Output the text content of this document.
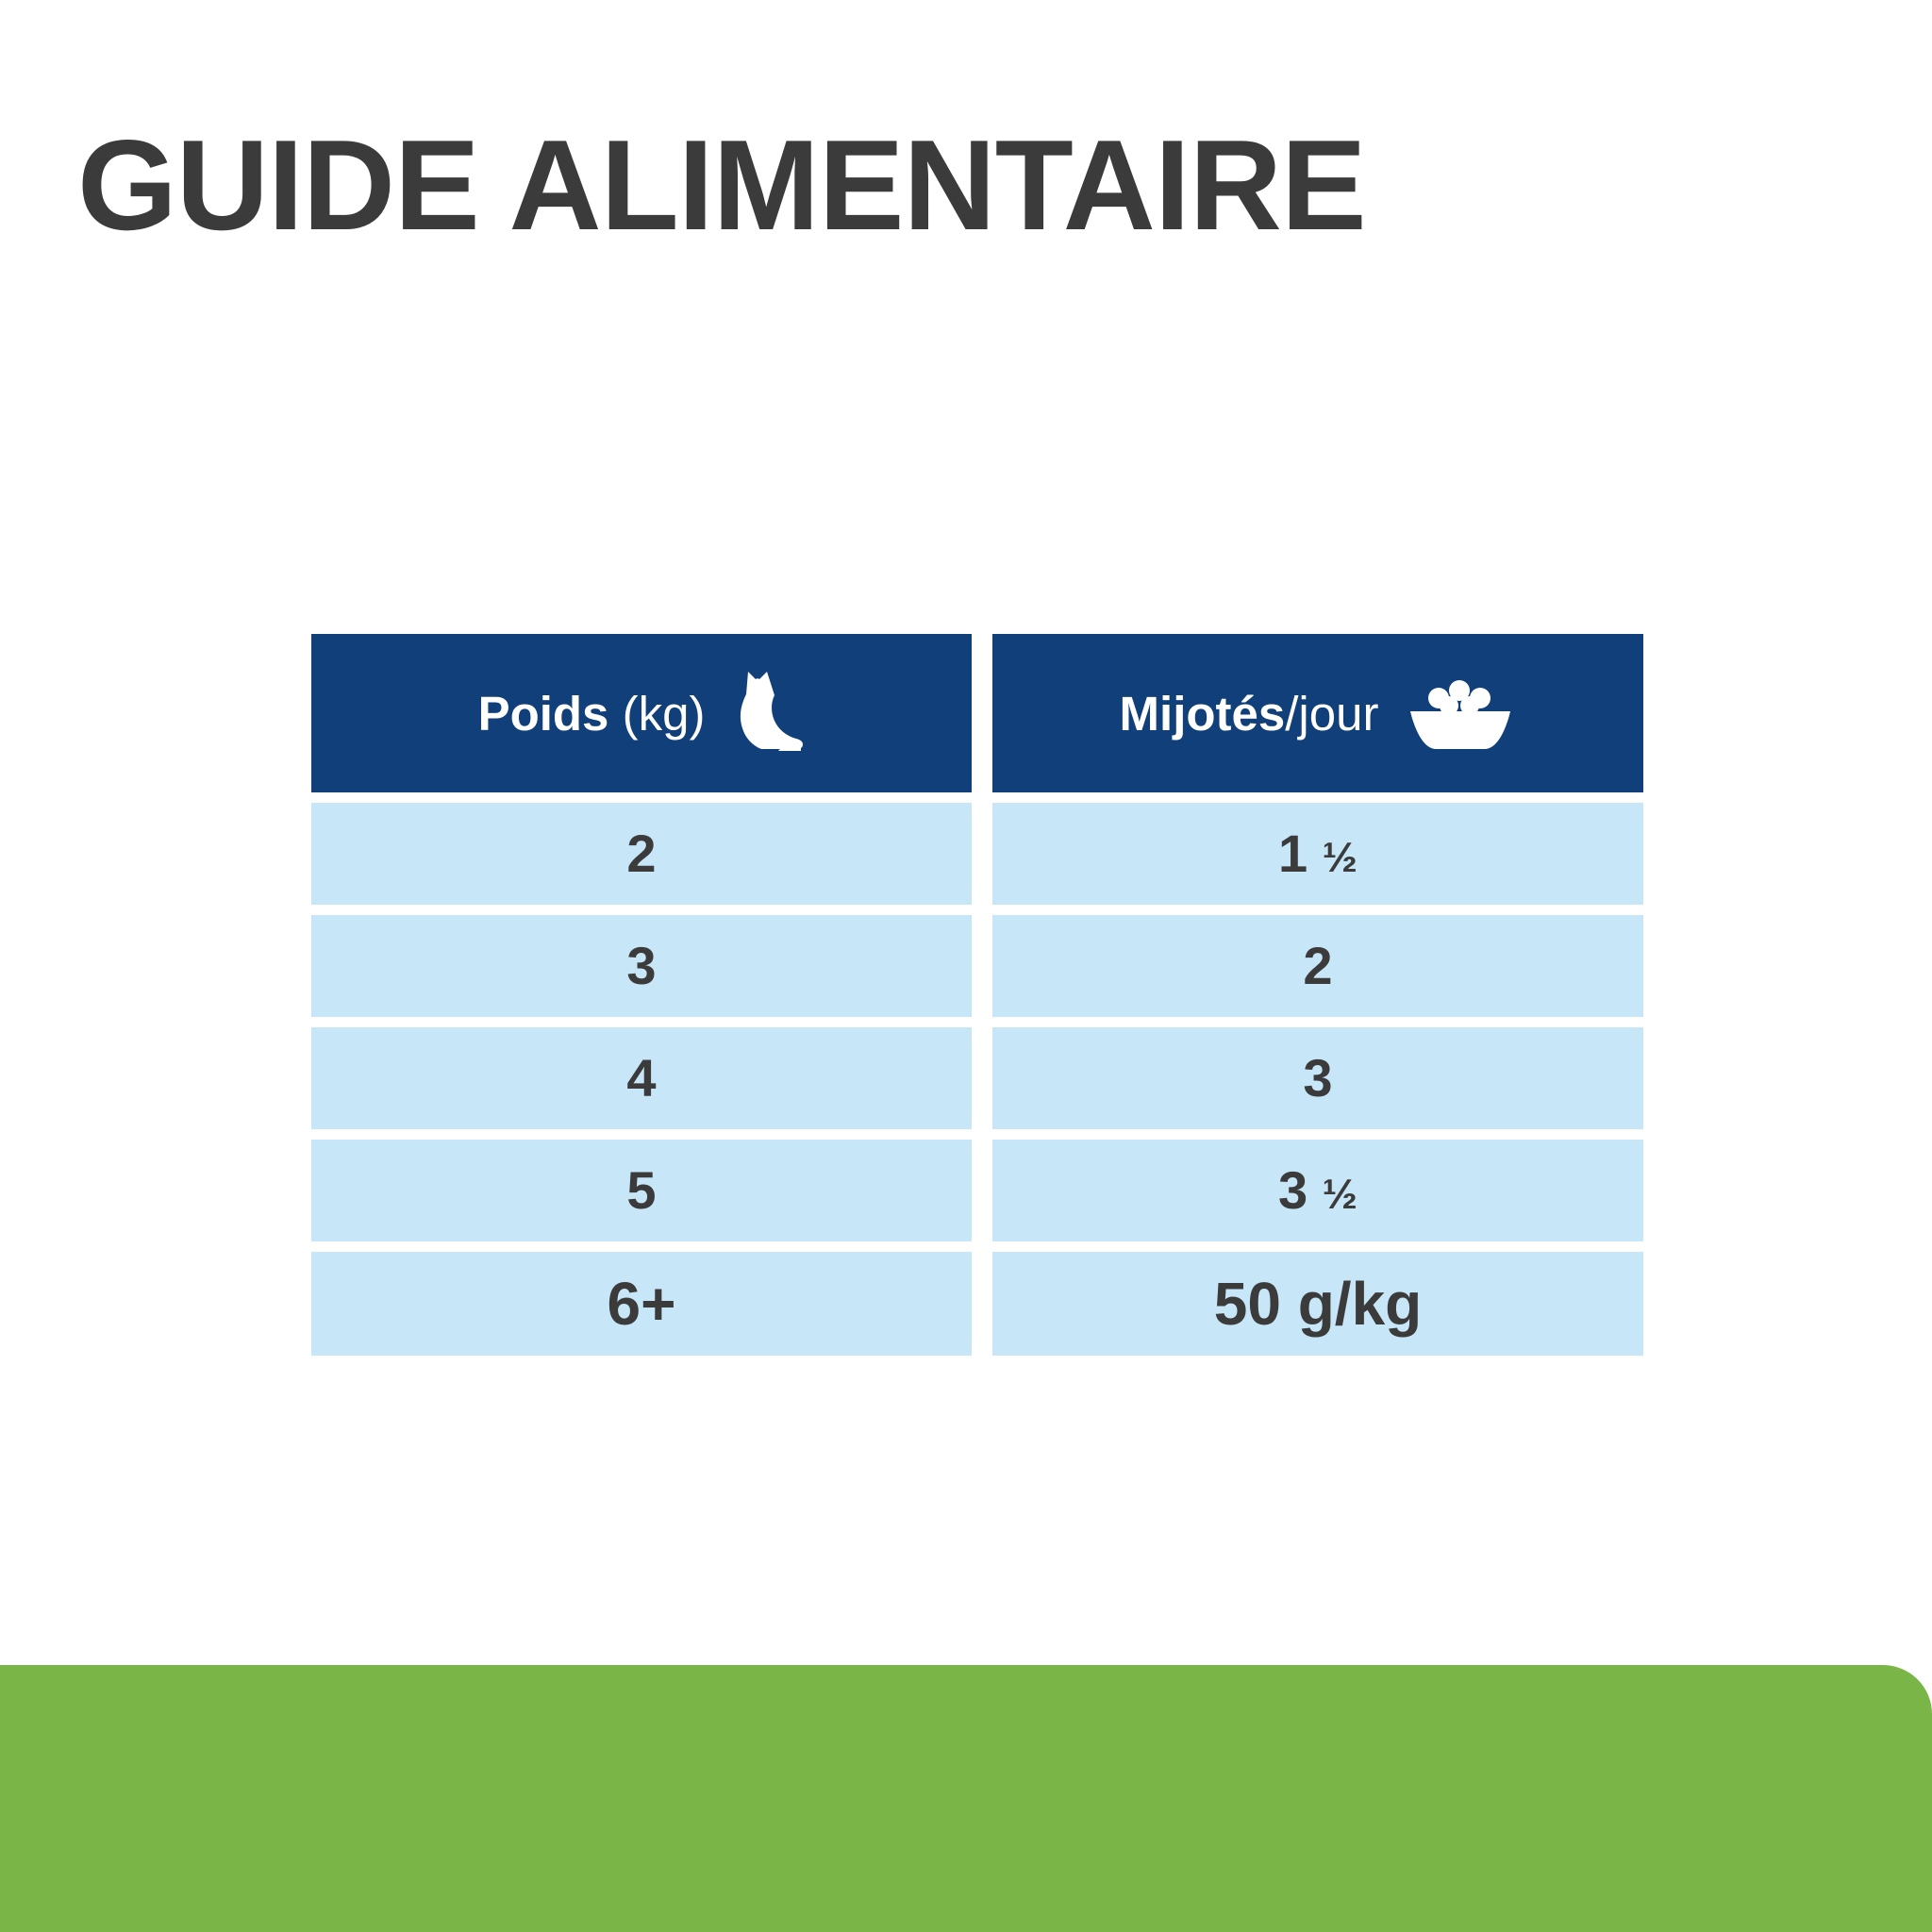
GUIDE ALIMENTAIRE
Poids (kg)	Mijotés/jour
2	1 ½
3	2
4	3
5	3 ½
6+	50 g/kg
